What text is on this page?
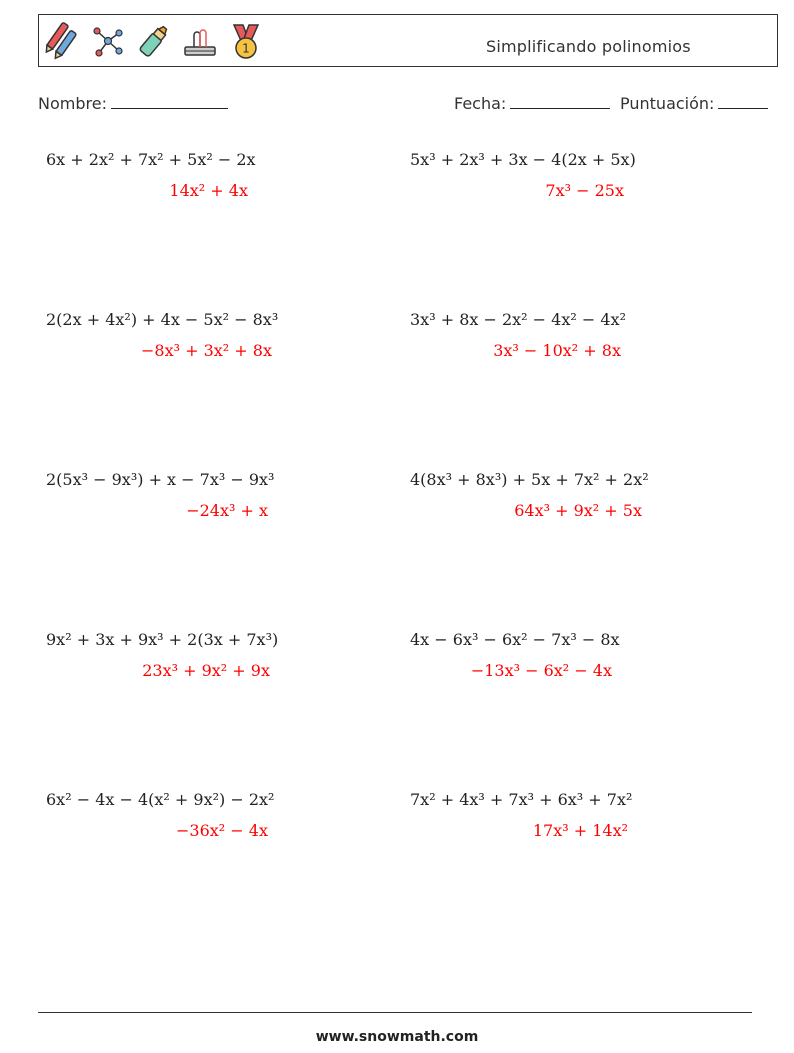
1	Simplificando polinomios
Nombre:	Fecha:	Puntuación:
6x + 2x² + 7x² + 5x² − 2x
14x² + 4x
5x³ + 2x³ + 3x − 4(2x + 5x)
7x³ − 25x
2(2x + 4x²) + 4x − 5x² − 8x³
−8x³ + 3x² + 8x
3x³ + 8x − 2x² − 4x² − 4x²
3x³ − 10x² + 8x
2(5x³ − 9x³) + x − 7x³ − 9x³
−24x³ + x
4(8x³ + 8x³) + 5x + 7x² + 2x²
64x³ + 9x² + 5x
9x² + 3x + 9x³ + 2(3x + 7x³)
23x³ + 9x² + 9x
4x − 6x³ − 6x² − 7x³ − 8x
−13x³ − 6x² − 4x
6x² − 4x − 4(x² + 9x²) − 2x²
−36x² − 4x
7x² + 4x³ + 7x³ + 6x³ + 7x²
17x³ + 14x²
www.snowmath.com
